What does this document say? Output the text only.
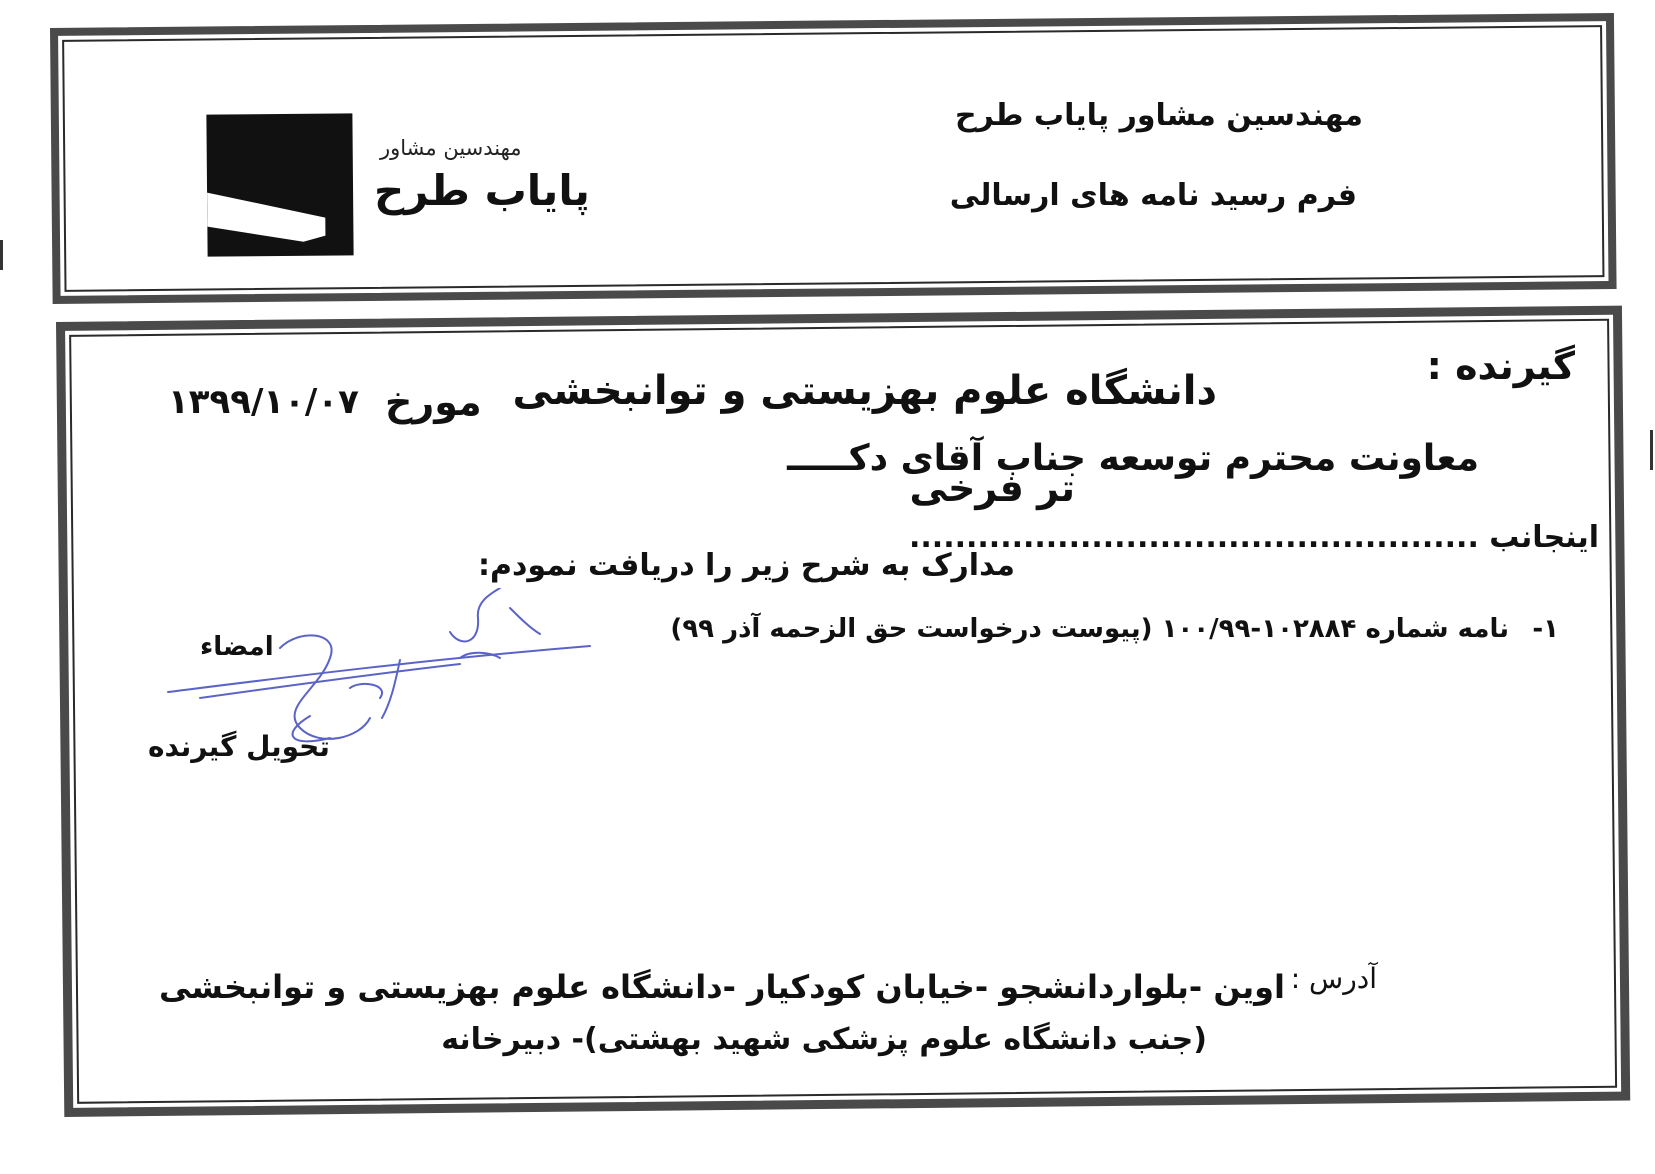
مهندسین مشاور
پایاب طرح
مهندسین مشاور پایاب طرح
فرم رسید نامه های ارسالی
گیرنده :
دانشگاه علوم بهزیستی و توانبخشی
مورخ
۱۳۹۹/۱۰/۰۷
معاونت محترم توسعه جناب آقای دکـــــ
تر فرخی
اینجانب ..................................................
مدارک به شرح زیر را دریافت نمودم:
-۱
نامه شماره ۱۰۲۸۸۴-۱۰۰/۹۹ (پیوست درخواست حق الزحمه آذر ۹۹)
امضاء
تحویل گیرنده
آدرس :
اوین -بلواردانشجو -خیابان کودکیار -دانشگاه علوم بهزیستی و توانبخشی
(جنب دانشگاه علوم پزشکی شهید بهشتی)- دبیرخانه
